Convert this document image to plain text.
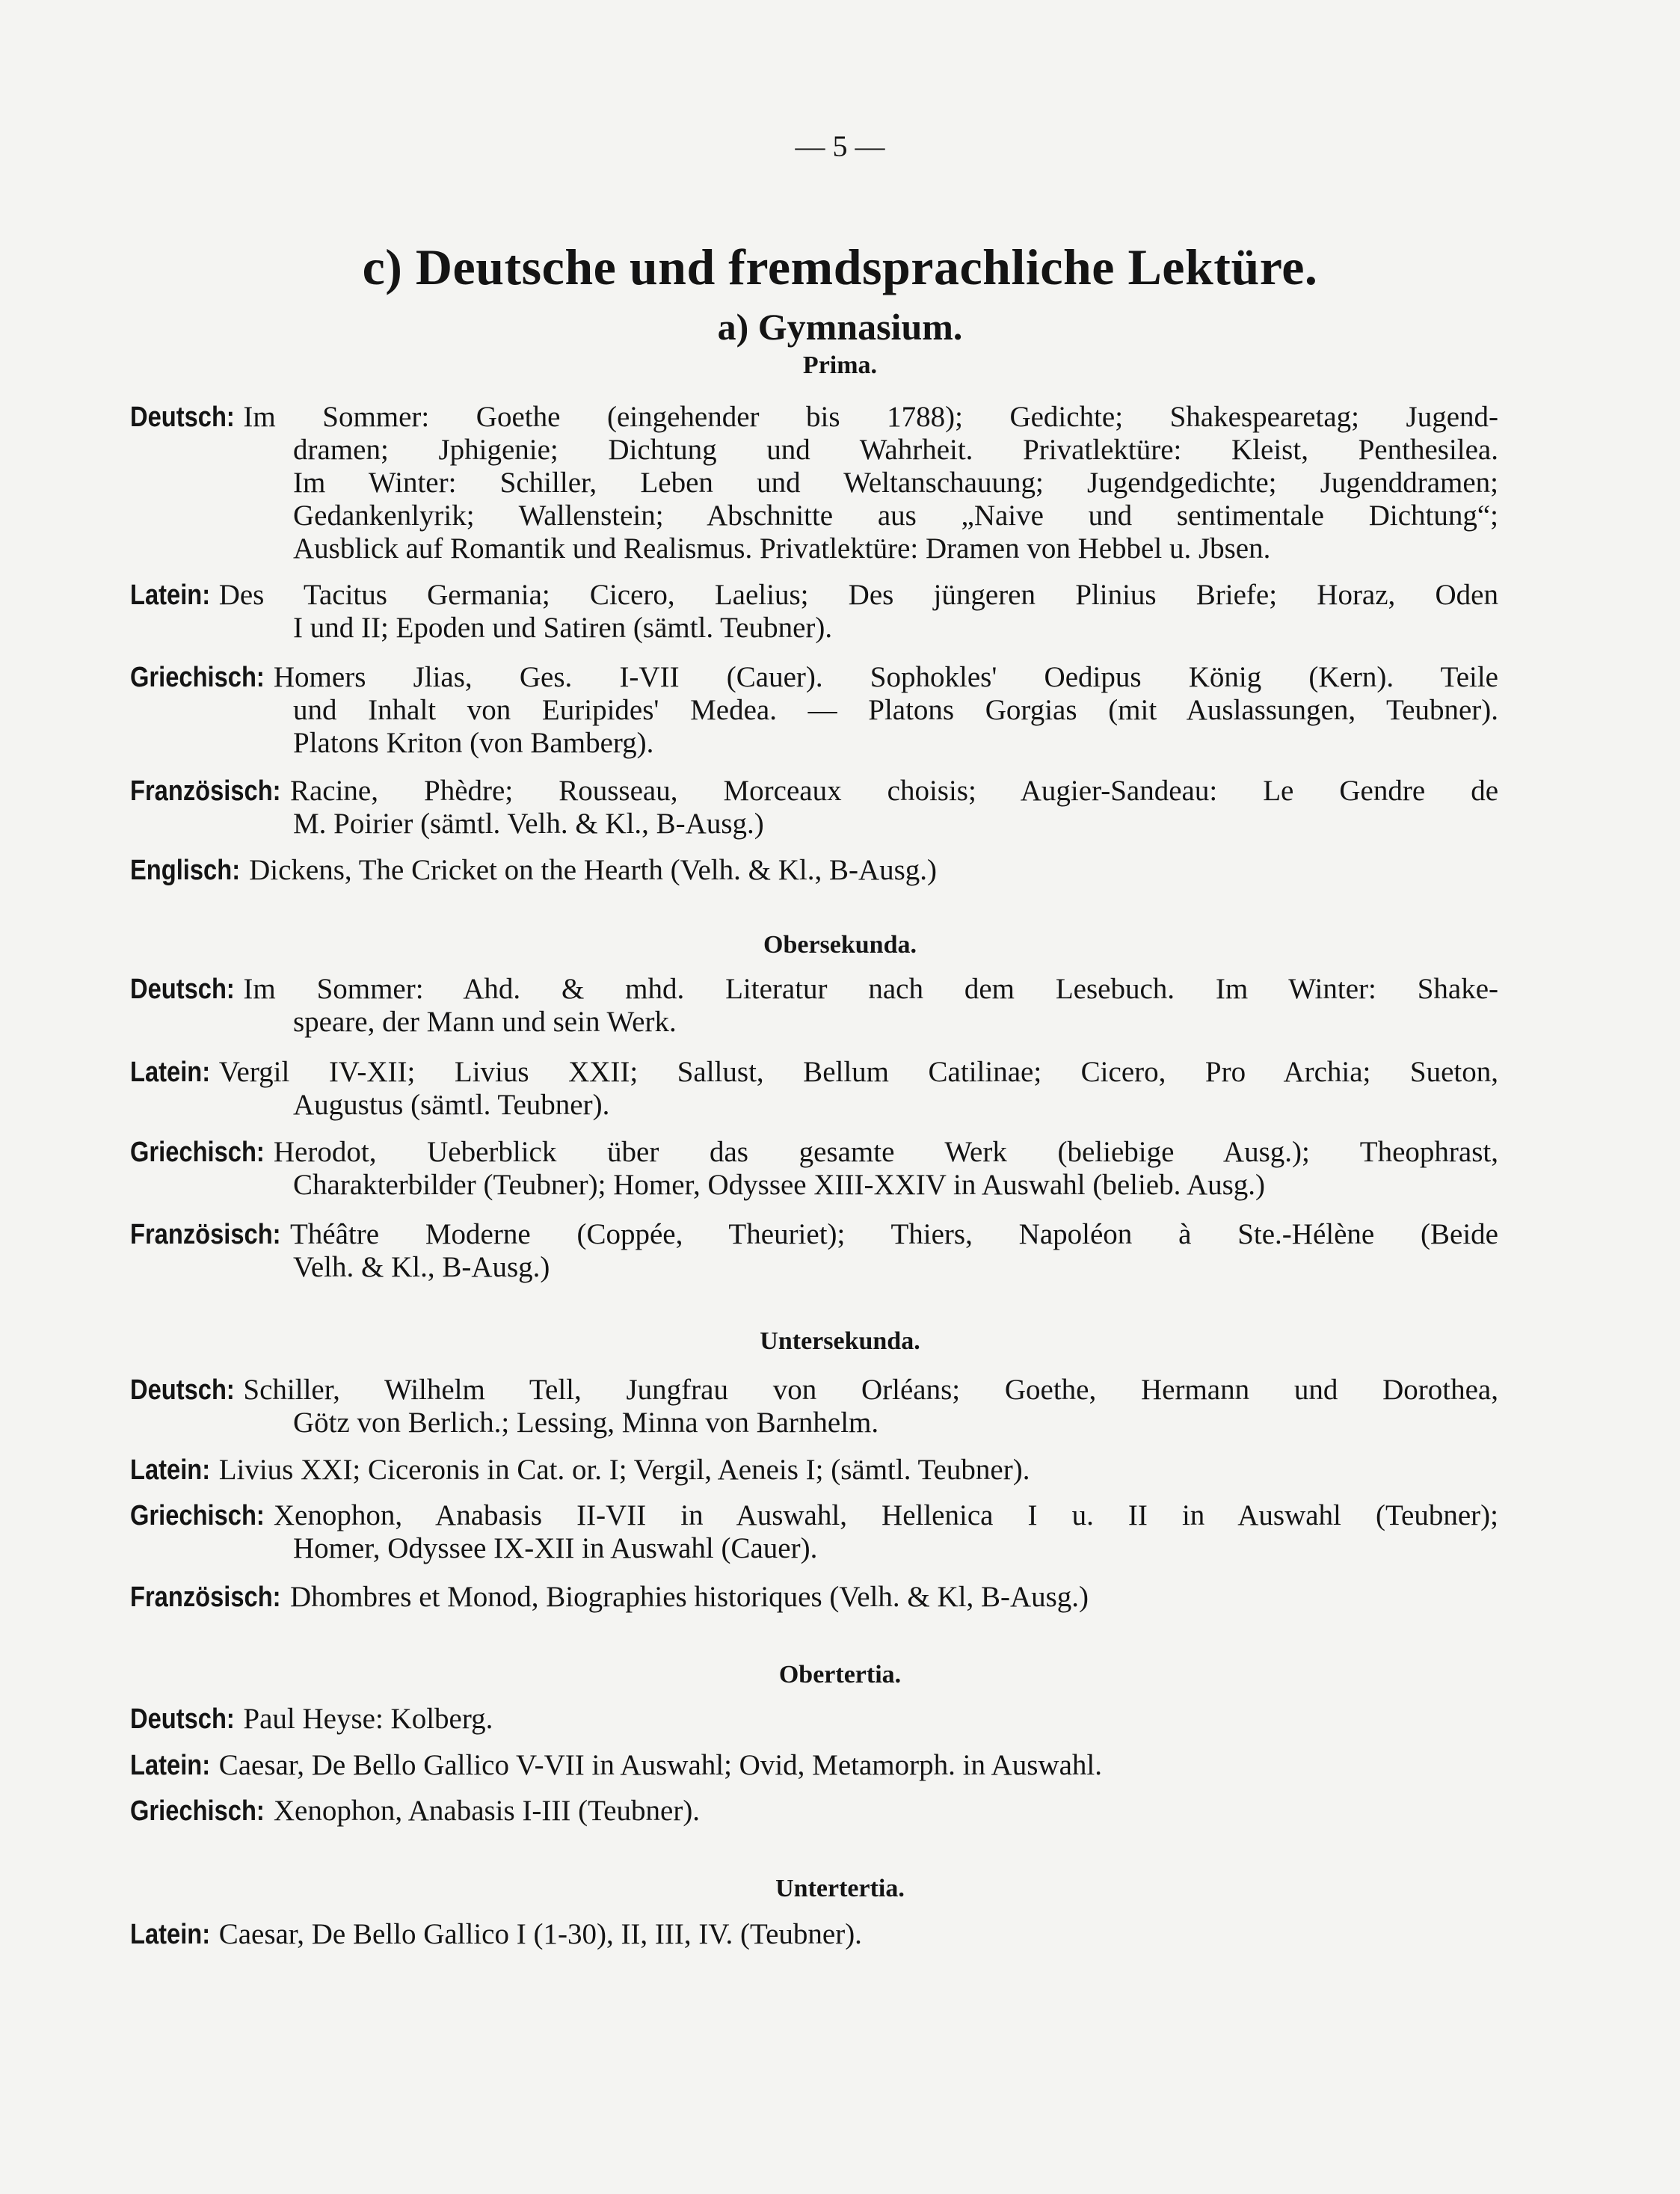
— 5 —
c) Deutsche und fremdsprachliche Lektüre.
a) Gymnasium.
Prima.
Deutsch: Im Sommer: Goethe (eingehender bis 1788); Gedichte; Shakespearetag; Jugend-
dramen; Jphigenie; Dichtung und Wahrheit. Privatlektüre: Kleist, Penthesilea.
Im Winter: Schiller, Leben und Weltanschauung; Jugendgedichte; Jugenddramen;
Gedankenlyrik; Wallenstein; Abschnitte aus „Naive und sentimentale Dichtung“;
Ausblick auf Romantik und Realismus. Privatlektüre: Dramen von Hebbel u. Jbsen.
Latein: Des Tacitus Germania; Cicero, Laelius; Des jüngeren Plinius Briefe; Horaz, Oden
I und II; Epoden und Satiren (sämtl. Teubner).
Griechisch: Homers Jlias, Ges. I-VII (Cauer). Sophokles' Oedipus König (Kern). Teile
und Inhalt von Euripides' Medea. — Platons Gorgias (mit Auslassungen, Teubner).
Platons Kriton (von Bamberg).
Französisch: Racine, Phèdre; Rousseau, Morceaux choisis; Augier-Sandeau: Le Gendre de
M. Poirier (sämtl. Velh. & Kl., B-Ausg.)
Englisch: Dickens, The Cricket on the Hearth (Velh. & Kl., B-Ausg.)
Obersekunda.
Deutsch: Im Sommer: Ahd. & mhd. Literatur nach dem Lesebuch. Im Winter: Shake-
speare, der Mann und sein Werk.
Latein: Vergil IV-XII; Livius XXII; Sallust, Bellum Catilinae; Cicero, Pro Archia; Sueton,
Augustus (sämtl. Teubner).
Griechisch: Herodot, Ueberblick über das gesamte Werk (beliebige Ausg.); Theophrast,
Charakterbilder (Teubner); Homer, Odyssee XIII-XXIV in Auswahl (belieb. Ausg.)
Französisch: Théâtre Moderne (Coppée, Theuriet); Thiers, Napoléon à Ste.-Hélène (Beide
Velh. & Kl., B-Ausg.)
Untersekunda.
Deutsch: Schiller, Wilhelm Tell, Jungfrau von Orléans; Goethe, Hermann und Dorothea,
Götz von Berlich.; Lessing, Minna von Barnhelm.
Latein: Livius XXI; Ciceronis in Cat. or. I; Vergil, Aeneis I; (sämtl. Teubner).
Griechisch: Xenophon, Anabasis II-VII in Auswahl, Hellenica I u. II in Auswahl (Teubner);
Homer, Odyssee IX-XII in Auswahl (Cauer).
Französisch: Dhombres et Monod, Biographies historiques (Velh. & Kl, B-Ausg.)
Obertertia.
Deutsch: Paul Heyse: Kolberg.
Latein: Caesar, De Bello Gallico V-VII in Auswahl; Ovid, Metamorph. in Auswahl.
Griechisch: Xenophon, Anabasis I-III (Teubner).
Untertertia.
Latein: Caesar, De Bello Gallico I (1-30), II, III, IV. (Teubner).
